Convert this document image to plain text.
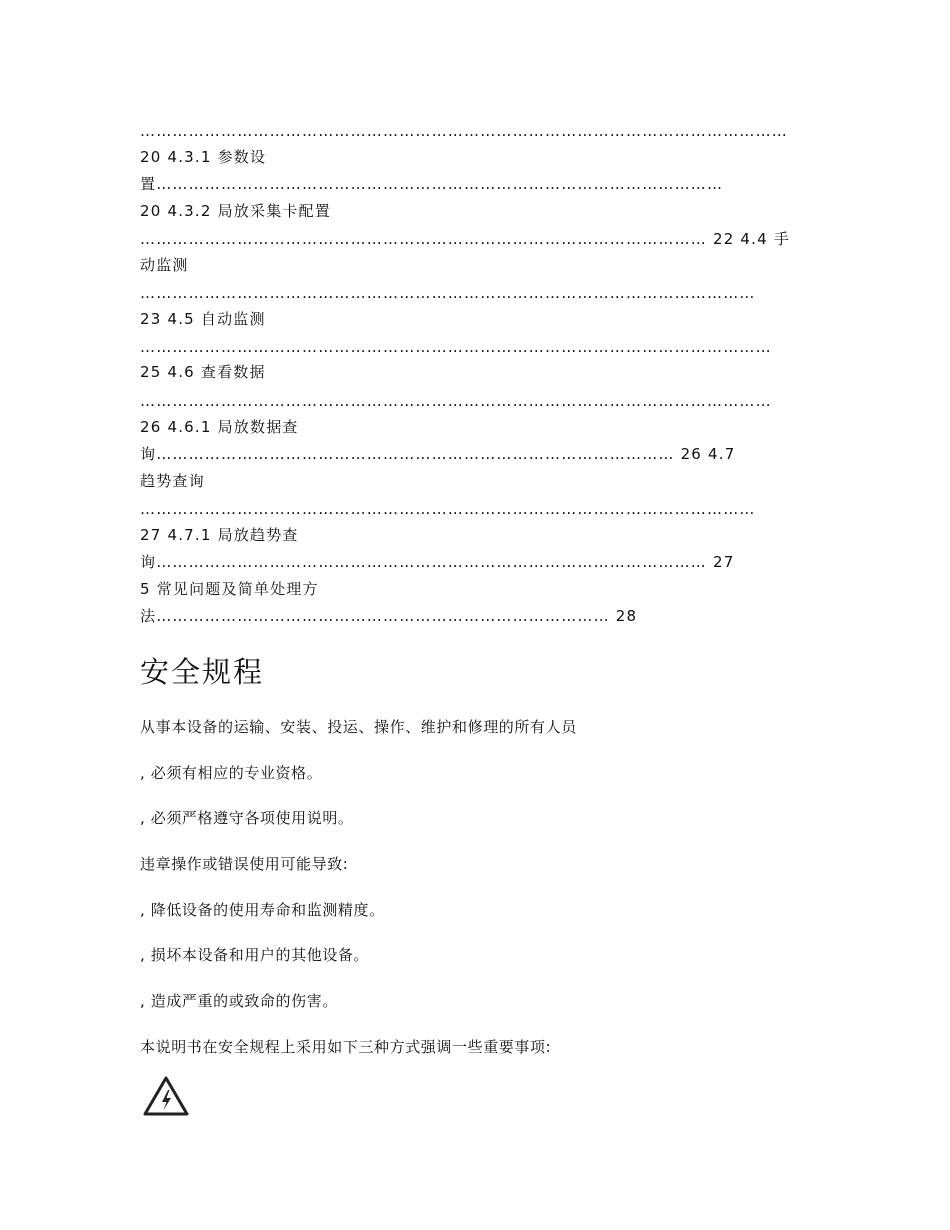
…………………………………………………………………………………………………………
20 4.3.1 参数设
置……………………………………………………………………………………………
20 4.3.2 局放采集卡配置
…………………………………………………………………………………………… 22 4.4 手
动监测
……………………………………………………………………………………………………
23 4.5 自动监测
………………………………………………………………………………………………………
25 4.6 查看数据
………………………………………………………………………………………………………
26 4.6.1 局放数据查
询…………………………………………………………………………………… 26 4.7
趋势查询
……………………………………………………………………………………………………
27 4.7.1 局放趋势查
询………………………………………………………………………………………… 27
5 常见问题及简单处理方
法………………………………………………………………………… 28
安全规程
从事本设备的运输、安装、投运、操作、维护和修理的所有人员
, 必须有相应的专业资格。
, 必须严格遵守各项使用说明。
违章操作或错误使用可能导致:
, 降低设备的使用寿命和监测精度。
, 损坏本设备和用户的其他设备。
, 造成严重的或致命的伤害。
本说明书在安全规程上采用如下三种方式强调一些重要事项:
